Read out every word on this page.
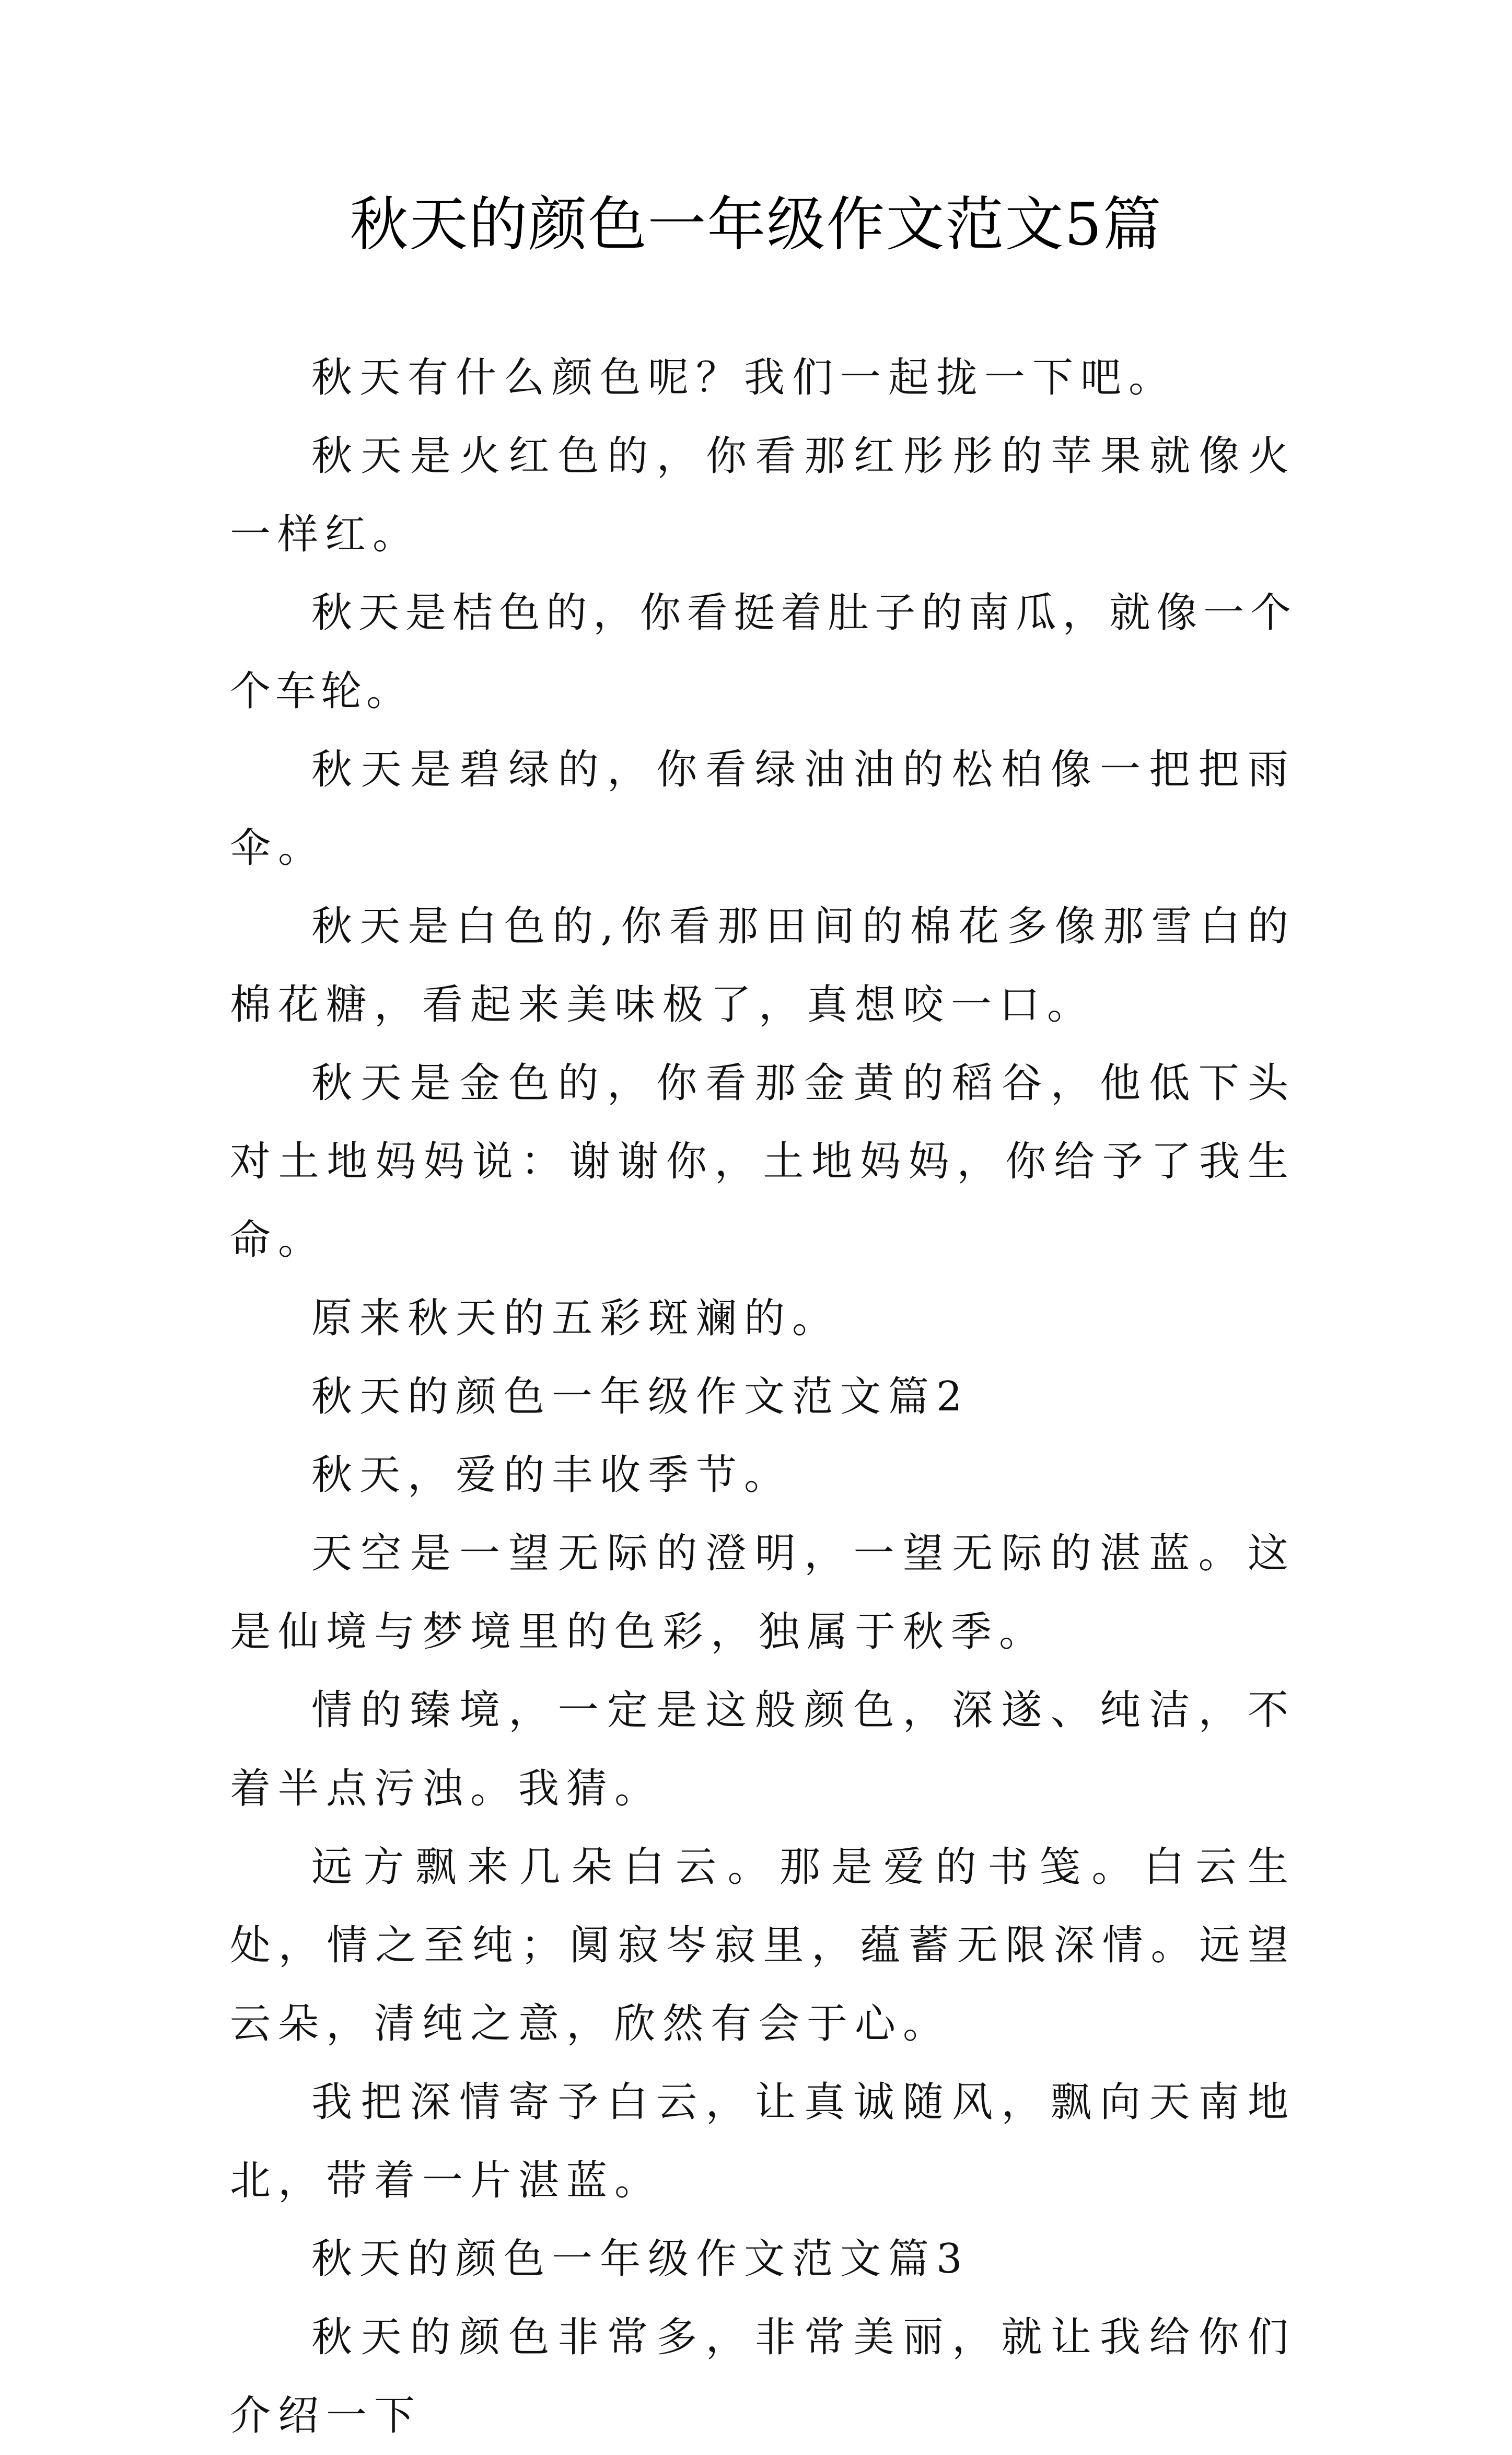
秋天的颜色一年级作文范文5篇

秋天有什么颜色呢？我们一起拢一下吧。

秋天是火红色的，你看那红彤彤的苹果就像火一样红。

秋天是桔色的，你看挺着肚子的南瓜，就像一个个车轮。

秋天是碧绿的，你看绿油油的松柏像一把把雨伞。

秋天是白色的,你看那田间的棉花多像那雪白的棉花糖，看起来美味极了，真想咬一口。

秋天是金色的，你看那金黄的稻谷，他低下头对土地妈妈说：谢谢你，土地妈妈，你给予了我生命。

原来秋天的五彩斑斓的。

秋天的颜色一年级作文范文篇2

秋天，爱的丰收季节。

天空是一望无际的澄明，一望无际的湛蓝。这是仙境与梦境里的色彩，独属于秋季。

情的臻境，一定是这般颜色，深遂、纯洁，不着半点污浊。我猜。

远方飘来几朵白云。那是爱的书笺。白云生处，情之至纯；阒寂岑寂里，蕴蓄无限深情。远望云朵，清纯之意，欣然有会于心。

我把深情寄予白云，让真诚随风，飘向天南地北，带着一片湛蓝。

秋天的颜色一年级作文范文篇3

秋天的颜色非常多，非常美丽，就让我给你们介绍一下
